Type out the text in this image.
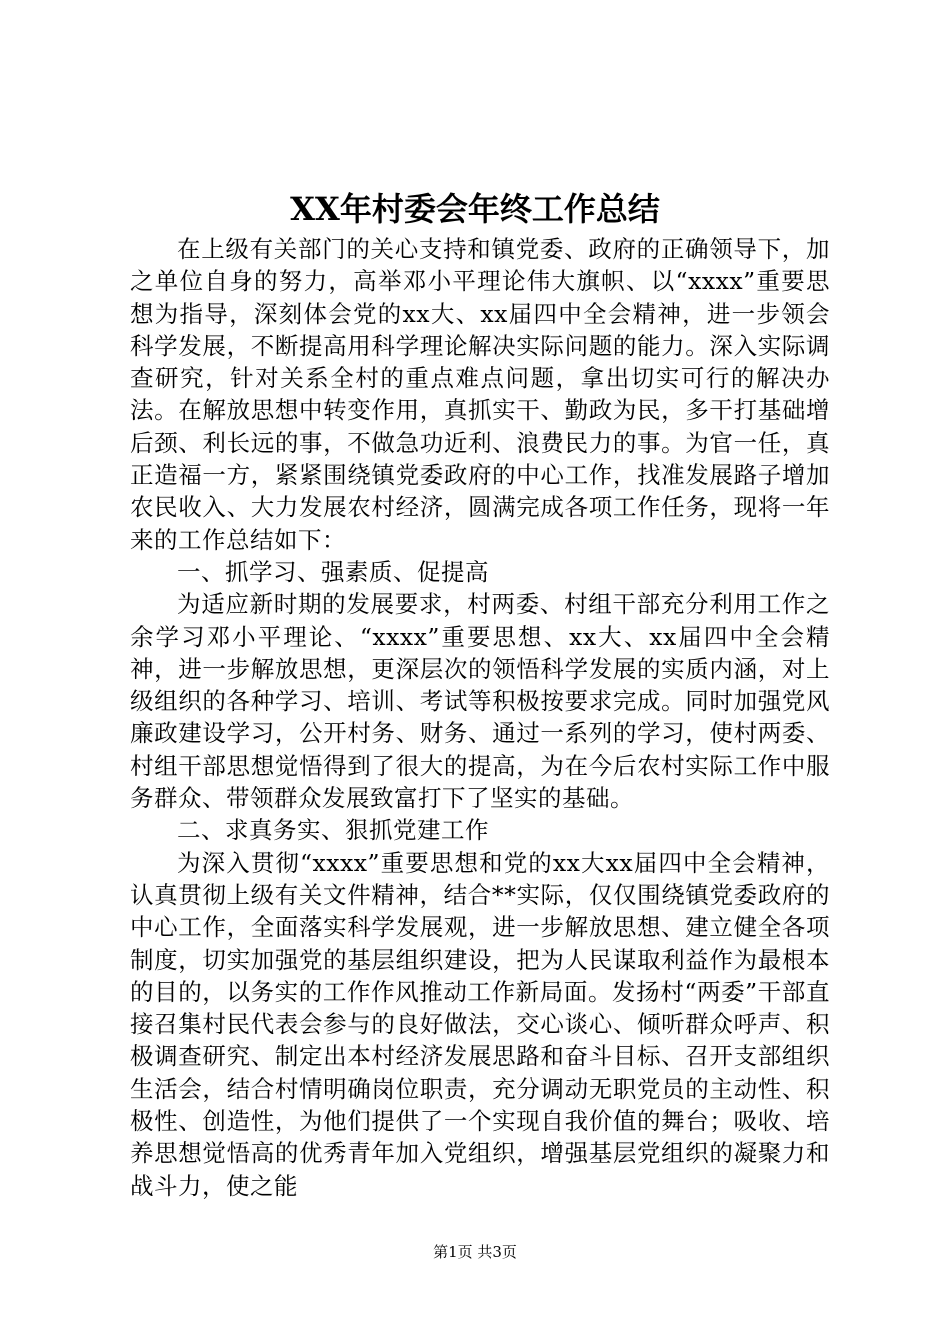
XX年村委会年终工作总结

在上级有关部门的关心支持和镇党委、政府的正确领导下，加之单位自身的努力，高举邓小平理论伟大旗帜、以“xxxx”重要思想为指导，深刻体会党的xx大、xx届四中全会精神，进一步领会科学发展，不断提高用科学理论解决实际问题的能力。深入实际调查研究，针对关系全村的重点难点问题，拿出切实可行的解决办法。在解放思想中转变作用，真抓实干、勤政为民，多干打基础增后颈、利长远的事，不做急功近利、浪费民力的事。为官一任，真正造福一方，紧紧围绕镇党委政府的中心工作，找准发展路子增加农民收入、大力发展农村经济，圆满完成各项工作任务，现将一年来的工作总结如下：

一、抓学习、强素质、促提高

为适应新时期的发展要求，村两委、村组干部充分利用工作之余学习邓小平理论、“xxxx”重要思想、xx大、xx届四中全会精神，进一步解放思想，更深层次的领悟科学发展的实质内涵，对上级组织的各种学习、培训、考试等积极按要求完成。同时加强党风廉政建设学习，公开村务、财务、通过一系列的学习，使村两委、村组干部思想觉悟得到了很大的提高，为在今后农村实际工作中服务群众、带领群众发展致富打下了坚实的基础。

二、求真务实、狠抓党建工作

为深入贯彻“xxxx”重要思想和党的xx大xx届四中全会精神，认真贯彻上级有关文件精神，结合**实际，仅仅围绕镇党委政府的中心工作，全面落实科学发展观，进一步解放思想、建立健全各项制度，切实加强党的基层组织建设，把为人民谋取利益作为最根本的目的，以务实的工作作风推动工作新局面。发扬村“两委”干部直接召集村民代表会参与的良好做法，交心谈心、倾听群众呼声、积极调查研究、制定出本村经济发展思路和奋斗目标、召开支部组织生活会，结合村情明确岗位职责，充分调动无职党员的主动性、积极性、创造性，为他们提供了一个实现自我价值的舞台；吸收、培养思想觉悟高的优秀青年加入党组织，增强基层党组织的凝聚力和战斗力，使之能

第1页 共3页
